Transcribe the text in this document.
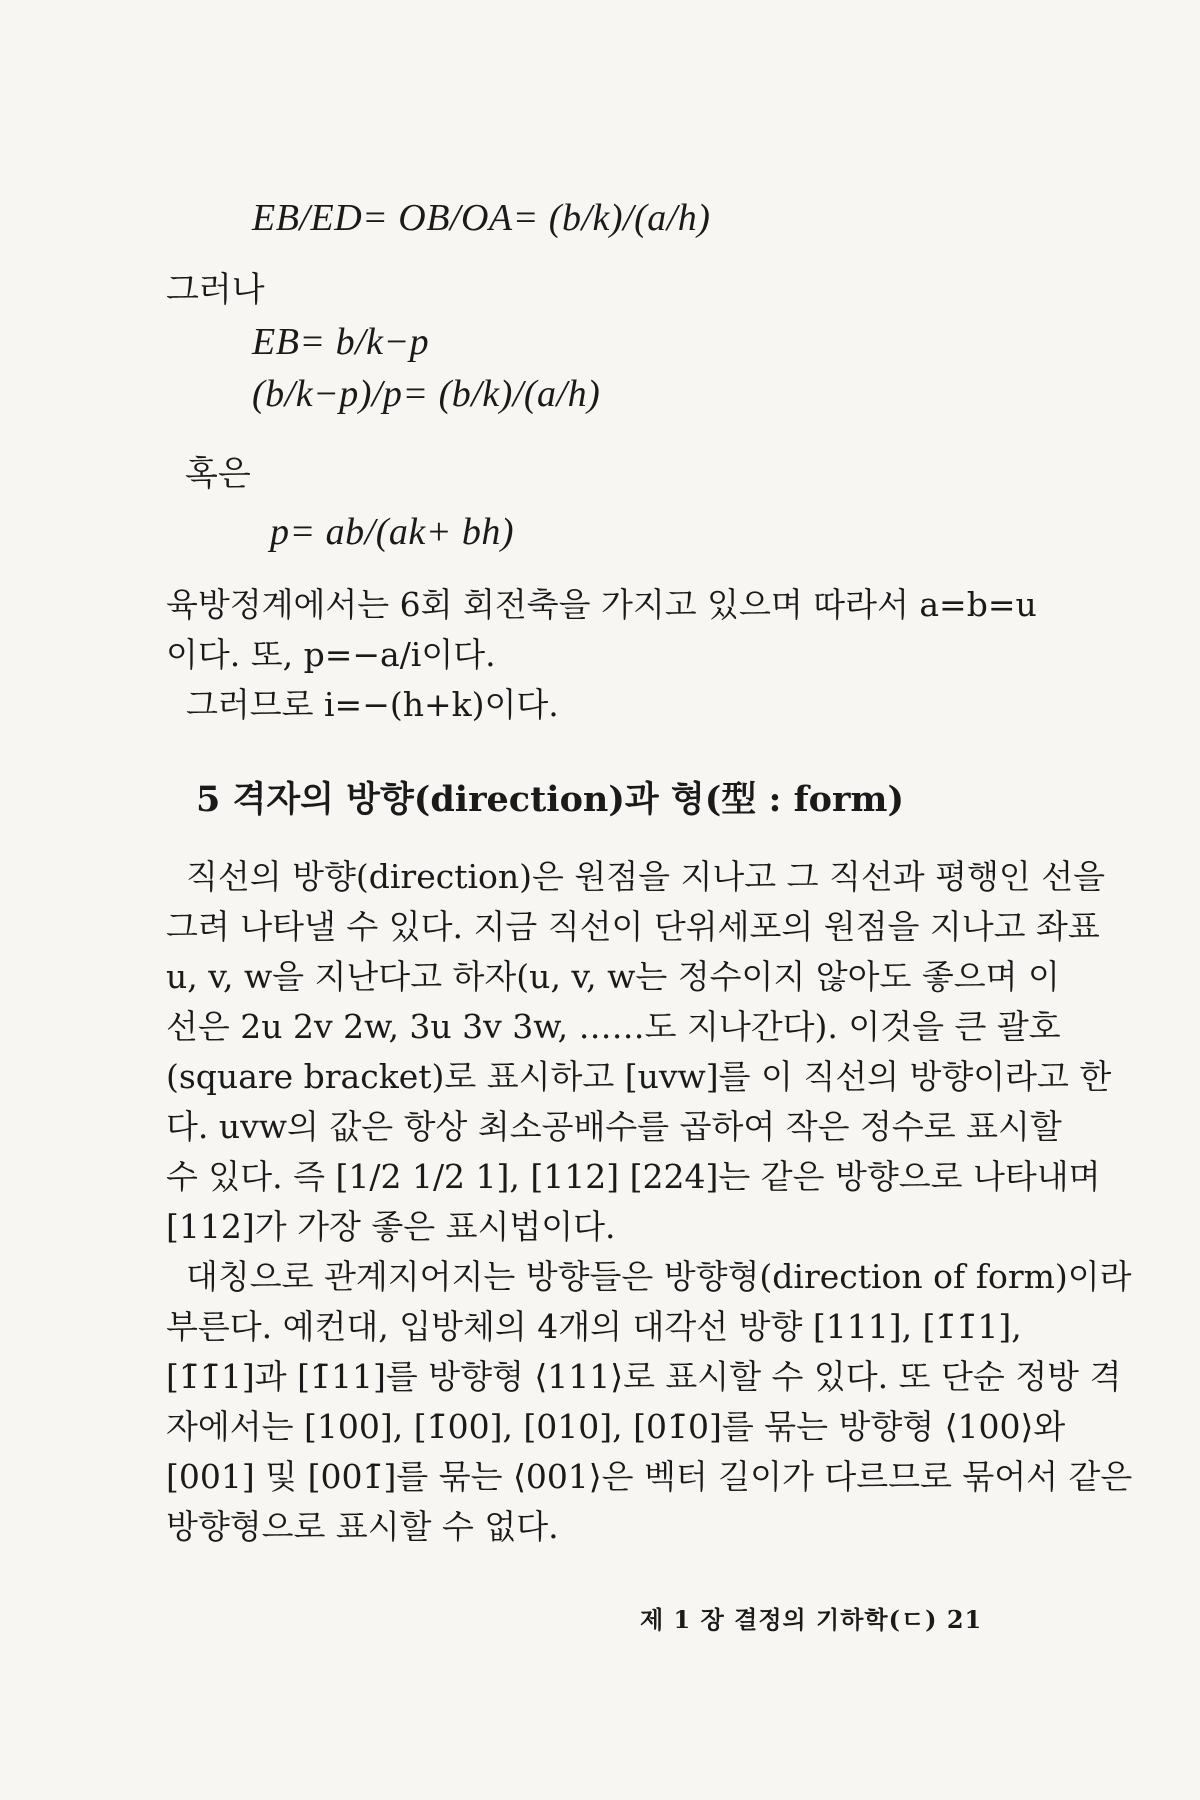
EB/ED= OB/OA= (b/k)/(a/h)
그러나
EB= b/k−p
(b/k−p)/p= (b/k)/(a/h)
혹은
p= ab/(ak+ bh)
육방정계에서는 6회 회전축을 가지고 있으며 따라서 a=b=u
이다. 또, p=−a/i이다.
그러므로 i=−(h+k)이다.
5 격자의 방향(direction)과 형(型 : form)
직선의 방향(direction)은 원점을 지나고 그 직선과 평행인 선을
그려 나타낼 수 있다. 지금 직선이 단위세포의 원점을 지나고 좌표
u, v, w을 지난다고 하자(u, v, w는 정수이지 않아도 좋으며 이
선은 2u 2v 2w, 3u 3v 3w, ……도 지나간다). 이것을 큰 괄호
(square bracket)로 표시하고 [uvw]를 이 직선의 방향이라고 한
다. uvw의 값은 항상 최소공배수를 곱하여 작은 정수로 표시할
수 있다. 즉 [1/2 1/2 1], [112] [224]는 같은 방향으로 나타내며
[112]가 가장 좋은 표시법이다.
대칭으로 관계지어지는 방향들은 방향형(direction of form)이라
부른다. 예컨대, 입방체의 4개의 대각선 방향 [111], [1̄1̄1],
[1̄1̄1]과 [1̄11]를 방향형 ⟨111⟩로 표시할 수 있다. 또 단순 정방 격
자에서는 [100], [1̄00], [010], [01̄0]를 묶는 방향형 ⟨100⟩와
[001] 및 [001̄]를 묶는 ⟨001⟩은 벡터 길이가 다르므로 묶어서 같은
방향형으로 표시할 수 없다.
제 1 장 결정의 기하학(ㄷ) 21
